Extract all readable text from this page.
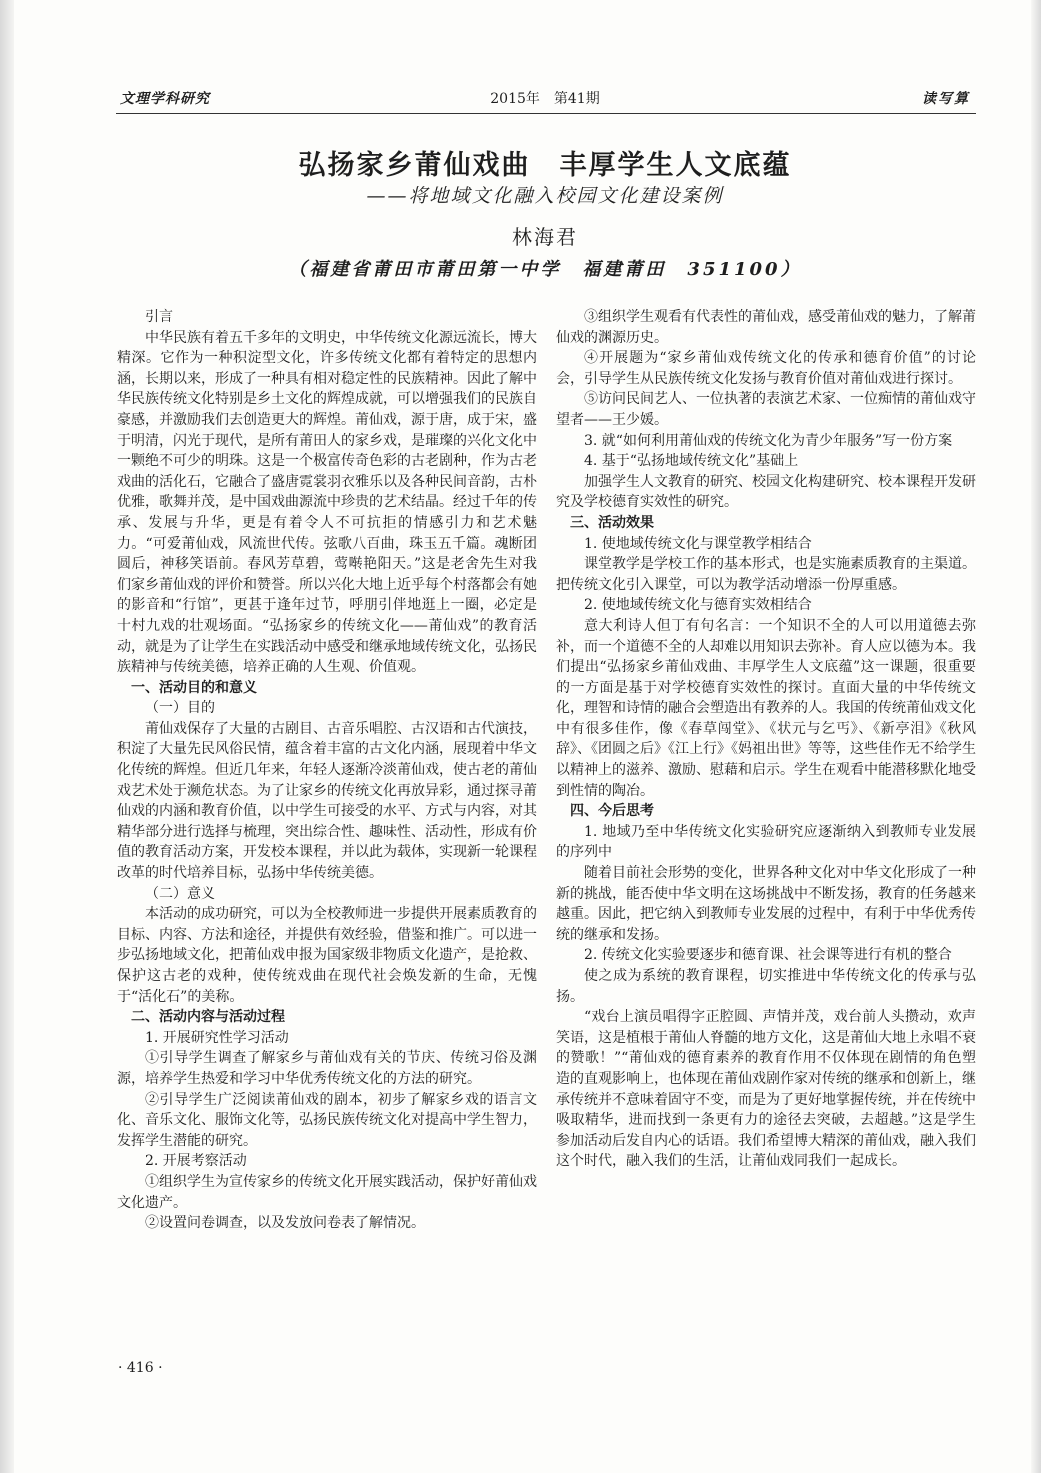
文理学科研究	2015年　第41期	读写算
弘扬家乡莆仙戏曲　丰厚学生人文底蕴
——将地域文化融入校园文化建设案例
林海君
（福建省莆田市莆田第一中学　福建莆田　351100）

引言

中华民族有着五千多年的文明史，中华传统文化源远流长，博大精深。它作为一种积淀型文化，许多传统文化都有着特定的思想内涵，长期以来，形成了一种具有相对稳定性的民族精神。因此了解中华民族传统文化特别是乡土文化的辉煌成就，可以增强我们的民族自豪感，并激励我们去创造更大的辉煌。莆仙戏，源于唐，成于宋，盛于明清，闪光于现代，是所有莆田人的家乡戏，是璀璨的兴化文化中一颗绝不可少的明珠。这是一个极富传奇色彩的古老剧种，作为古老戏曲的活化石，它融合了盛唐霓裳羽衣雅乐以及各种民间音韵，古朴优雅，歌舞并茂，是中国戏曲源流中珍贵的艺术结晶。经过千年的传承、发展与升华，更是有着令人不可抗拒的情感引力和艺术魅力。“可爱莆仙戏，风流世代传。弦歌八百曲，珠玉五千篇。魂断团圆后，神移笑语前。春风芳草碧，莺啭艳阳天。”这是老舍先生对我们家乡莆仙戏的评价和赞誉。所以兴化大地上近乎每个村落都会有她的影音和“行馆”，更甚于逢年过节，呼朋引伴地逛上一圈，必定是十村九戏的壮观场面。“弘扬家乡的传统文化——莆仙戏”的教育活动，就是为了让学生在实践活动中感受和继承地域传统文化，弘扬民族精神与传统美德，培养正确的人生观、价值观。

一、活动目的和意义

（一）目的

莆仙戏保存了大量的古剧目、古音乐唱腔、古汉语和古代演技，积淀了大量先民风俗民情，蕴含着丰富的古文化内涵，展现着中华文化传统的辉煌。但近几年来，年轻人逐渐冷淡莆仙戏，使古老的莆仙戏艺术处于濒危状态。为了让家乡的传统文化再放异彩，通过探寻莆仙戏的内涵和教育价值，以中学生可接受的水平、方式与内容，对其精华部分进行选择与梳理，突出综合性、趣味性、活动性，形成有价值的教育活动方案，开发校本课程，并以此为载体，实现新一轮课程改革的时代培养目标，弘扬中华传统美德。

（二）意义

本活动的成功研究，可以为全校教师进一步提供开展素质教育的目标、内容、方法和途径，并提供有效经验，借鉴和推广。可以进一步弘扬地域文化，把莆仙戏申报为国家级非物质文化遗产，是抢救、保护这古老的戏种，使传统戏曲在现代社会焕发新的生命，无愧于“活化石”的美称。

二、活动内容与活动过程

1. 开展研究性学习活动

①引导学生调查了解家乡与莆仙戏有关的节庆、传统习俗及渊源，培养学生热爱和学习中华优秀传统文化的方法的研究。

②引导学生广泛阅读莆仙戏的剧本，初步了解家乡戏的语言文化、音乐文化、服饰文化等，弘扬民族传统文化对提高中学生智力，发挥学生潜能的研究。

2. 开展考察活动

①组织学生为宣传家乡的传统文化开展实践活动，保护好莆仙戏文化遗产。

②设置问卷调查，以及发放问卷表了解情况。

③组织学生观看有代表性的莆仙戏，感受莆仙戏的魅力，了解莆仙戏的渊源历史。

④开展题为“家乡莆仙戏传统文化的传承和德育价值”的讨论会，引导学生从民族传统文化发扬与教育价值对莆仙戏进行探讨。

⑤访问民间艺人、一位执著的表演艺术家、一位痴情的莆仙戏守望者——王少媛。

3. 就“如何利用莆仙戏的传统文化为青少年服务”写一份方案

4. 基于“弘扬地域传统文化”基础上

加强学生人文教育的研究、校园文化构建研究、校本课程开发研究及学校德育实效性的研究。

三、活动效果

1. 使地域传统文化与课堂教学相结合

课堂教学是学校工作的基本形式，也是实施素质教育的主渠道。把传统文化引入课堂，可以为教学活动增添一份厚重感。

2. 使地域传统文化与德育实效相结合

意大利诗人但丁有句名言：一个知识不全的人可以用道德去弥补，而一个道德不全的人却难以用知识去弥补。育人应以德为本。我们提出“弘扬家乡莆仙戏曲、丰厚学生人文底蕴”这一课题，很重要的一方面是基于对学校德育实效性的探讨。直面大量的中华传统文化，理智和诗情的融合会塑造出有教养的人。我国的传统莆仙戏文化中有很多佳作，像《春草闯堂》、《状元与乞丐》、《新亭泪》《秋风辞》、《团圆之后》《江上行》《妈祖出世》等等，这些佳作无不给学生以精神上的滋养、激励、慰藉和启示。学生在观看中能潜移默化地受到性情的陶冶。

四、今后思考

1. 地域乃至中华传统文化实验研究应逐渐纳入到教师专业发展的序列中

随着目前社会形势的变化，世界各种文化对中华文化形成了一种新的挑战，能否使中华文明在这场挑战中不断发扬，教育的任务越来越重。因此，把它纳入到教师专业发展的过程中，有利于中华优秀传统的继承和发扬。

2. 传统文化实验要逐步和德育课、社会课等进行有机的整合

使之成为系统的教育课程，切实推进中华传统文化的传承与弘扬。

“戏台上演员唱得字正腔圆、声情并茂，戏台前人头攒动，欢声笑语，这是植根于莆仙人脊髓的地方文化，这是莆仙大地上永唱不衰的赞歌！”“莆仙戏的德育素养的教育作用不仅体现在剧情的角色塑造的直观影响上，也体现在莆仙戏剧作家对传统的继承和创新上，继承传统并不意味着固守不变，而是为了更好地掌握传统，并在传统中吸取精华，进而找到一条更有力的途径去突破，去超越。”这是学生参加活动后发自内心的话语。我们希望博大精深的莆仙戏，融入我们这个时代，融入我们的生活，让莆仙戏同我们一起成长。

· 416 ·
